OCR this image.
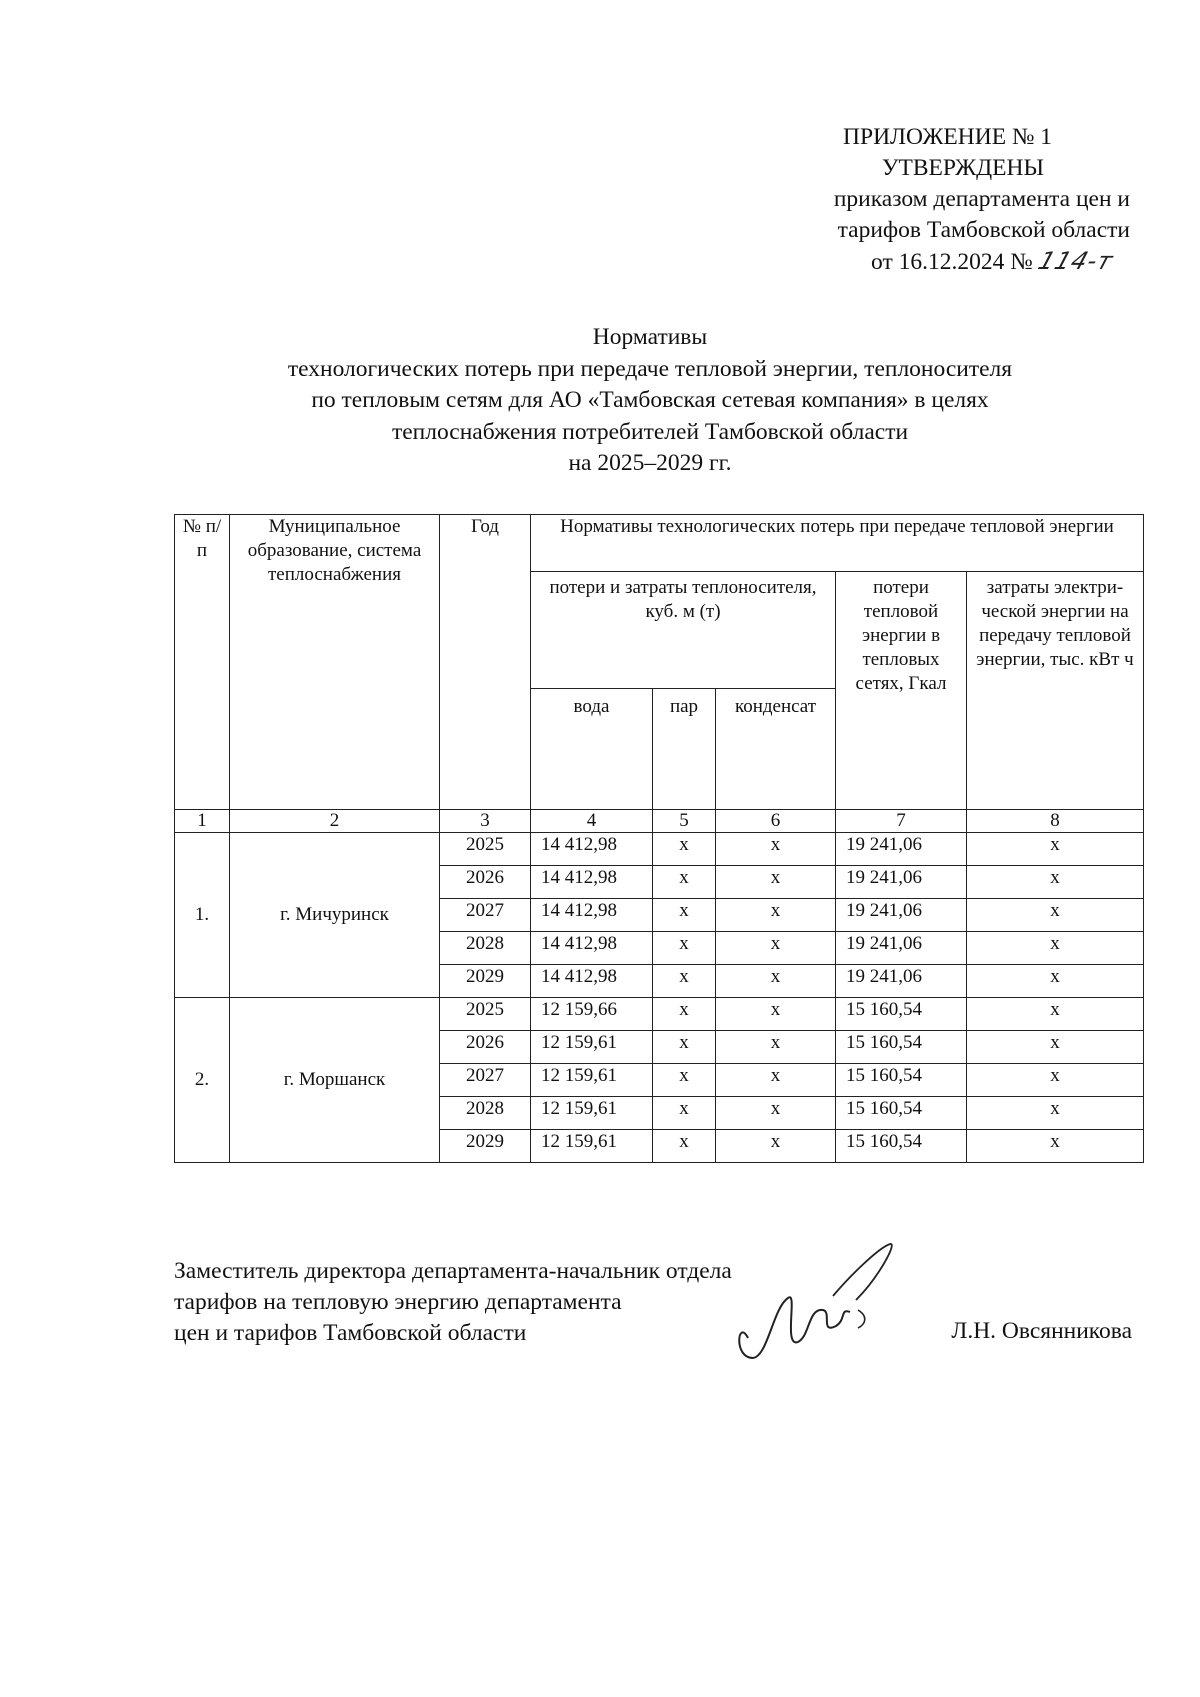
ПРИЛОЖЕНИЕ № 1
УТВЕРЖДЕНЫ
приказом департамента цен и
тарифов Тамбовской области
от 16.12.2024 № 114-т
Нормативы
технологических потерь при передаче тепловой энергии, теплоносителя
по тепловым сетям для АО «Тамбовская сетевая компания» в целях
теплоснабжения потребителей Тамбовской области
на 2025–2029 гг.
№ п/п	Муниципальное образование, система теплоснабжения	Год	Нормативы технологических потерь при передаче тепловой энергии				
			потери и затраты теплоносителя, куб. м (т)			потери тепловой энергии в тепловых сетях, Гкал	затраты электри- ческой энергии на передачу тепловой энергии, тыс. кВт ч
			вода	пар	конденсат		
1	2	3	4	5	6	7	8
1.	г. Мичуринск	2025	14 412,98	х	х	19 241,06	х
		2026	14 412,98	х	х	19 241,06	х
		2027	14 412,98	х	х	19 241,06	х
		2028	14 412,98	х	х	19 241,06	х
		2029	14 412,98	х	х	19 241,06	х
2.	г. Моршанск	2025	12 159,66	х	х	15 160,54	х
		2026	12 159,61	х	х	15 160,54	х
		2027	12 159,61	х	х	15 160,54	х
		2028	12 159,61	х	х	15 160,54	х
		2029	12 159,61	х	х	15 160,54	х
Заместитель директора департамента-начальник отдела
тарифов на тепловую энергию департамента
цен и тарифов Тамбовской области	Л.Н. Овсянникова
